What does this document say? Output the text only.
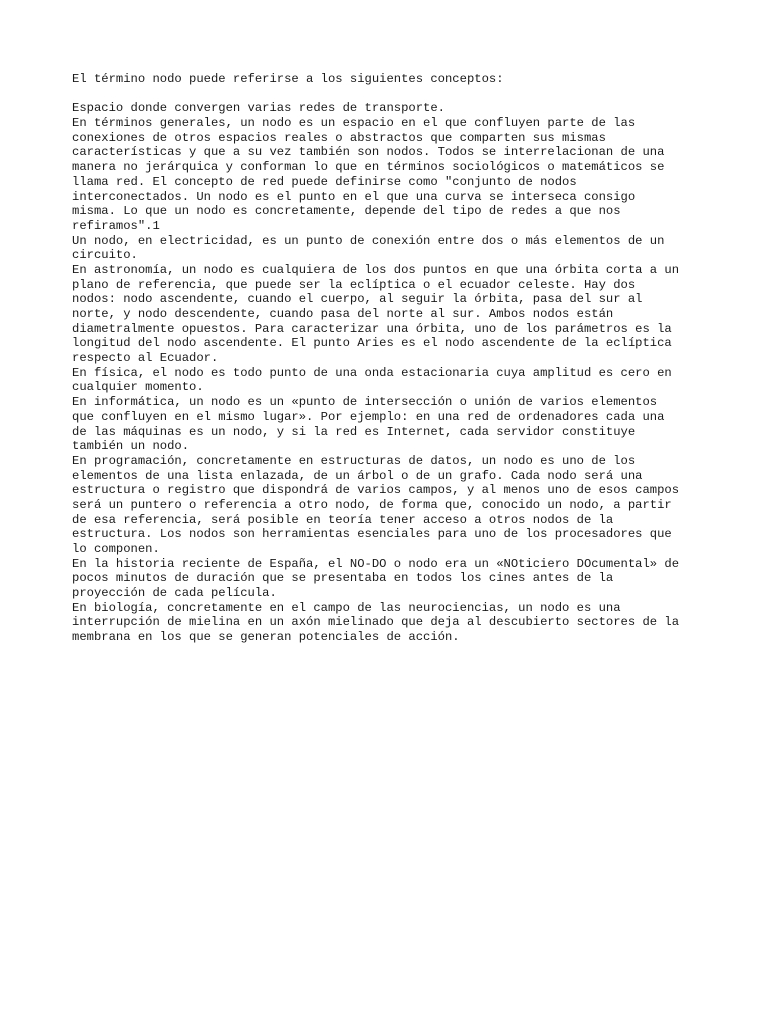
El término nodo puede referirse a los siguientes conceptos:
Espacio donde convergen varias redes de transporte.
En términos generales, un nodo es un espacio en el que confluyen parte de las
conexiones de otros espacios reales o abstractos que comparten sus mismas
características y que a su vez también son nodos. Todos se interrelacionan de una
manera no jerárquica y conforman lo que en términos sociológicos o matemáticos se
llama red. El concepto de red puede definirse como "conjunto de nodos
interconectados. Un nodo es el punto en el que una curva se interseca consigo
misma. Lo que un nodo es concretamente, depende del tipo de redes a que nos
refiramos".1
Un nodo, en electricidad, es un punto de conexión entre dos o más elementos de un
circuito.
En astronomía, un nodo es cualquiera de los dos puntos en que una órbita corta a un
plano de referencia, que puede ser la eclíptica o el ecuador celeste. Hay dos
nodos: nodo ascendente, cuando el cuerpo, al seguir la órbita, pasa del sur al
norte, y nodo descendente, cuando pasa del norte al sur. Ambos nodos están
diametralmente opuestos. Para caracterizar una órbita, uno de los parámetros es la
longitud del nodo ascendente. El punto Aries es el nodo ascendente de la eclíptica
respecto al Ecuador.
En física, el nodo es todo punto de una onda estacionaria cuya amplitud es cero en
cualquier momento.
En informática, un nodo es un «punto de intersección o unión de varios elementos
que confluyen en el mismo lugar». Por ejemplo: en una red de ordenadores cada una
de las máquinas es un nodo, y si la red es Internet, cada servidor constituye
también un nodo.
En programación, concretamente en estructuras de datos, un nodo es uno de los
elementos de una lista enlazada, de un árbol o de un grafo. Cada nodo será una
estructura o registro que dispondrá de varios campos, y al menos uno de esos campos
será un puntero o referencia a otro nodo, de forma que, conocido un nodo, a partir
de esa referencia, será posible en teoría tener acceso a otros nodos de la
estructura. Los nodos son herramientas esenciales para uno de los procesadores que
lo componen.
En la historia reciente de España, el NO-DO o nodo era un «NOticiero DOcumental» de
pocos minutos de duración que se presentaba en todos los cines antes de la
proyección de cada película.
En biología, concretamente en el campo de las neurociencias, un nodo es una
interrupción de mielina en un axón mielinado que deja al descubierto sectores de la
membrana en los que se generan potenciales de acción.
